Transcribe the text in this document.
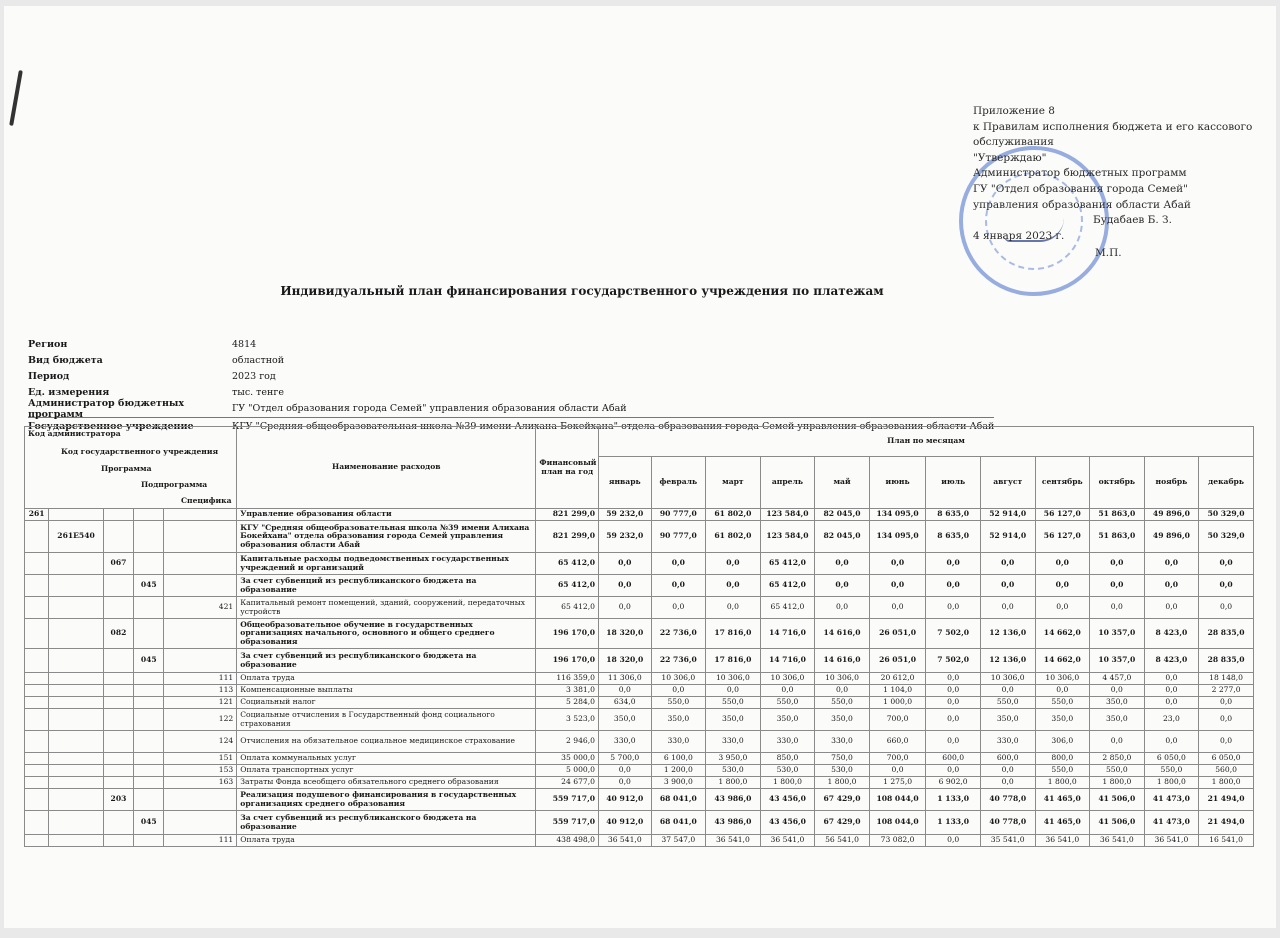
Приложение 8
к Правилам исполнения бюджета и его кассового
обслуживания
"Утверждаю"
Администратор бюджетных программ
ГУ "Отдел образования города Семей"
управления образования области Абай
Будабаев Б. З.
4 января 2023 г.
М.П.
Индивидуальный план финансирования государственного учреждения по платежам
Регион	4814
Вид бюджета	областной
Период	2023 год
Ед. измерения	тыс. тенге
Администратор бюджетных программ	ГУ "Отдел образования города Семей" управления образования области Абай
Государственное учреждение	КГУ "Средняя общеобразовательная школа №39 имени Алихана Бокейхана" отдела образования города Семей управления образования области Абай
Код администратора
Код государственного учреждения
Программа
Подпрограмма
Специфика					Наименование расходов	Финансовый план на год	План по месяцам											
							январь	февраль	март	апрель	май	июнь	июль	август	сентябрь	октябрь	ноябрь	декабрь
261					Управление образования области	821 299,0	59 232,0	90 777,0	61 802,0	123 584,0	82 045,0	134 095,0	8 635,0	52 914,0	56 127,0	51 863,0	49 896,0	50 329,0
	261Е540				КГУ "Средняя общеобразовательная школа №39 имени Алихана Бокейхана" отдела образования города Семей управления образования области Абай	821 299,0	59 232,0	90 777,0	61 802,0	123 584,0	82 045,0	134 095,0	8 635,0	52 914,0	56 127,0	51 863,0	49 896,0	50 329,0
		067			Капитальные расходы подведомственных государственных учреждений и организаций	65 412,0	0,0	0,0	0,0	65 412,0	0,0	0,0	0,0	0,0	0,0	0,0	0,0	0,0
			045		За счет субвенций из республиканского бюджета на образование	65 412,0	0,0	0,0	0,0	65 412,0	0,0	0,0	0,0	0,0	0,0	0,0	0,0	0,0
				421	Капитальный ремонт помещений, зданий, сооружений, передаточных устройств	65 412,0	0,0	0,0	0,0	65 412,0	0,0	0,0	0,0	0,0	0,0	0,0	0,0	0,0
		082			Общеобразовательное обучение в государственных организациях начального, основного и общего среднего образования	196 170,0	18 320,0	22 736,0	17 816,0	14 716,0	14 616,0	26 051,0	7 502,0	12 136,0	14 662,0	10 357,0	8 423,0	28 835,0
			045		За счет субвенций из республиканского бюджета на образование	196 170,0	18 320,0	22 736,0	17 816,0	14 716,0	14 616,0	26 051,0	7 502,0	12 136,0	14 662,0	10 357,0	8 423,0	28 835,0
				111	Оплата труда	116 359,0	11 306,0	10 306,0	10 306,0	10 306,0	10 306,0	20 612,0	0,0	10 306,0	10 306,0	4 457,0	0,0	18 148,0
				113	Компенсационные выплаты	3 381,0	0,0	0,0	0,0	0,0	0,0	1 104,0	0,0	0,0	0,0	0,0	0,0	2 277,0
				121	Социальный налог	5 284,0	634,0	550,0	550,0	550,0	550,0	1 000,0	0,0	550,0	550,0	350,0	0,0	0,0
				122	Социальные отчисления в Государственный фонд социального страхования	3 523,0	350,0	350,0	350,0	350,0	350,0	700,0	0,0	350,0	350,0	350,0	23,0	0,0
				124	Отчисления на обязательное социальное медицинское страхование	2 946,0	330,0	330,0	330,0	330,0	330,0	660,0	0,0	330,0	306,0	0,0	0,0	0,0
				151	Оплата коммунальных услуг	35 000,0	5 700,0	6 100,0	3 950,0	850,0	750,0	700,0	600,0	600,0	800,0	2 850,0	6 050,0	6 050,0
				153	Оплата транспортных услуг	5 000,0	0,0	1 200,0	530,0	530,0	530,0	0,0	0,0	0,0	550,0	550,0	550,0	560,0
				163	Затраты Фонда всеобщего обязательного среднего образования	24 677,0	0,0	3 900,0	1 800,0	1 800,0	1 800,0	1 275,0	6 902,0	0,0	1 800,0	1 800,0	1 800,0	1 800,0
		203			Реализация подушевого финансирования в государственных организациях среднего образования	559 717,0	40 912,0	68 041,0	43 986,0	43 456,0	67 429,0	108 044,0	1 133,0	40 778,0	41 465,0	41 506,0	41 473,0	21 494,0
			045		За счет субвенций из республиканского бюджета на образование	559 717,0	40 912,0	68 041,0	43 986,0	43 456,0	67 429,0	108 044,0	1 133,0	40 778,0	41 465,0	41 506,0	41 473,0	21 494,0
				111	Оплата труда	438 498,0	36 541,0	37 547,0	36 541,0	36 541,0	56 541,0	73 082,0	0,0	35 541,0	36 541,0	36 541,0	36 541,0	16 541,0
